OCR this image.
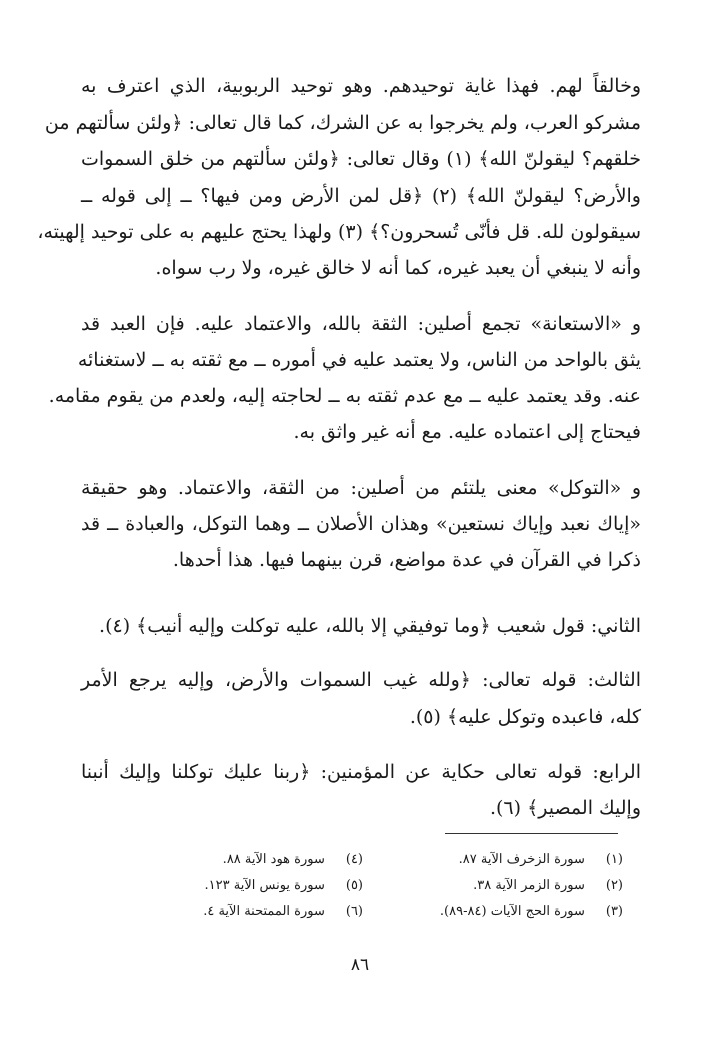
وخالقاً لهم. فهذا غاية توحيدهم. وهو توحيد الربوبية، الذي اعترف به
مشركو العرب، ولم يخرجوا به عن الشرك، كما قال تعالى: ﴿ولئن سألتهم من
خلقهم؟ ليقولنّ الله﴾ (١) وقال تعالى: ﴿ولئن سألتهم من خلق السموات
والأرض؟ ليقولنّ الله﴾ (٢) ﴿قل لمن الأرض ومن فيها؟ ــ إلى قوله ــ
سيقولون لله. قل فأنّى تُسحرون؟﴾ (٣) ولهذا يحتج عليهم به على توحيد إلهيته،
وأنه لا ينبغي أن يعبد غيره، كما أنه لا خالق غيره، ولا رب سواه.
و «الاستعانة» تجمع أصلين: الثقة بالله، والاعتماد عليه. فإن العبد قد
يثق بالواحد من الناس، ولا يعتمد عليه في أموره ــ مع ثقته به ــ لاستغنائه
عنه. وقد يعتمد عليه ــ مع عدم ثقته به ــ لحاجته إليه، ولعدم من يقوم مقامه.
فيحتاج إلى اعتماده عليه. مع أنه غير واثق به.
و «التوكل» معنى يلتئم من أصلين: من الثقة، والاعتماد. وهو حقيقة
«إياك نعبد وإياك نستعين» وهذان الأصلان ــ وهما التوكل، والعبادة ــ قد
ذكرا في القرآن في عدة مواضع، قرن بينهما فيها. هذا أحدها.
الثاني: قول شعيب ﴿وما توفيقي إلا بالله، عليه توكلت وإليه أنيب﴾ (٤).
الثالث: قوله تعالى: ﴿ولله غيب السموات والأرض، وإليه يرجع الأمر
كله، فاعبده وتوكل عليه﴾ (٥).
الرابع: قوله تعالى حكاية عن المؤمنين: ﴿ربنا عليك توكلنا وإليك أنبنا
وإليك المصير﴾ (٦).
(١) سورة الزخرف الآية ٨٧.
(٢) سورة الزمر الآية ٣٨.
(٣) سورة الحج الآيات (٨٤-٨٩).
(٤) سورة هود الآية ٨٨.
(٥) سورة يونس الآية ١٢٣.
(٦) سورة الممتحنة الآية ٤.
٨٦
